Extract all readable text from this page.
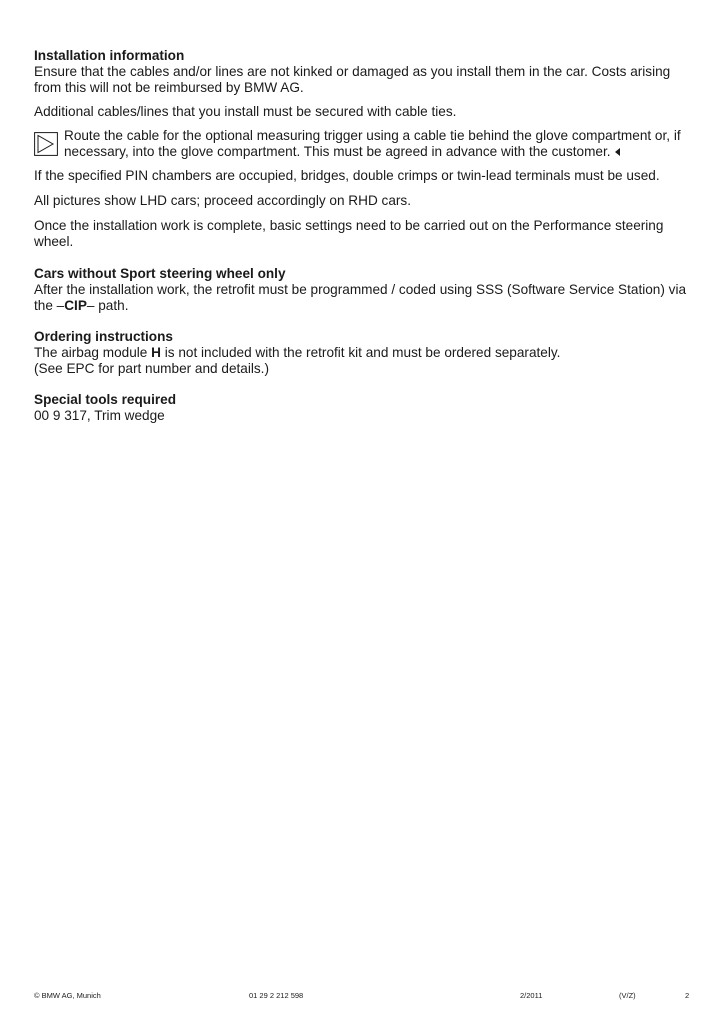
Installation information

Ensure that the cables and/or lines are not kinked or damaged as you install them in the car. Costs arising from this will not be reimbursed by BMW AG.

Additional cables/lines that you install must be secured with cable ties.

Route the cable for the optional measuring trigger using a cable tie behind the glove compartment or, if necessary, into the glove compartment. This must be agreed in advance with the customer.

If the specified PIN chambers are occupied, bridges, double crimps or twin-lead terminals must be used.

All pictures show LHD cars; proceed accordingly on RHD cars.

Once the installation work is complete, basic settings need to be carried out on the Performance steering wheel.

Cars without Sport steering wheel only

After the installation work, the retrofit must be programmed / coded using SSS (Software Service Station) via the –CIP– path.

Ordering instructions

The airbag module H is not included with the retrofit kit and must be ordered separately.

(See EPC for part number and details.)

Special tools required

00 9 317, Trim wedge

© BMW AG, Munich	01 29 2 212 598	2/2011	(V/Z)	2
